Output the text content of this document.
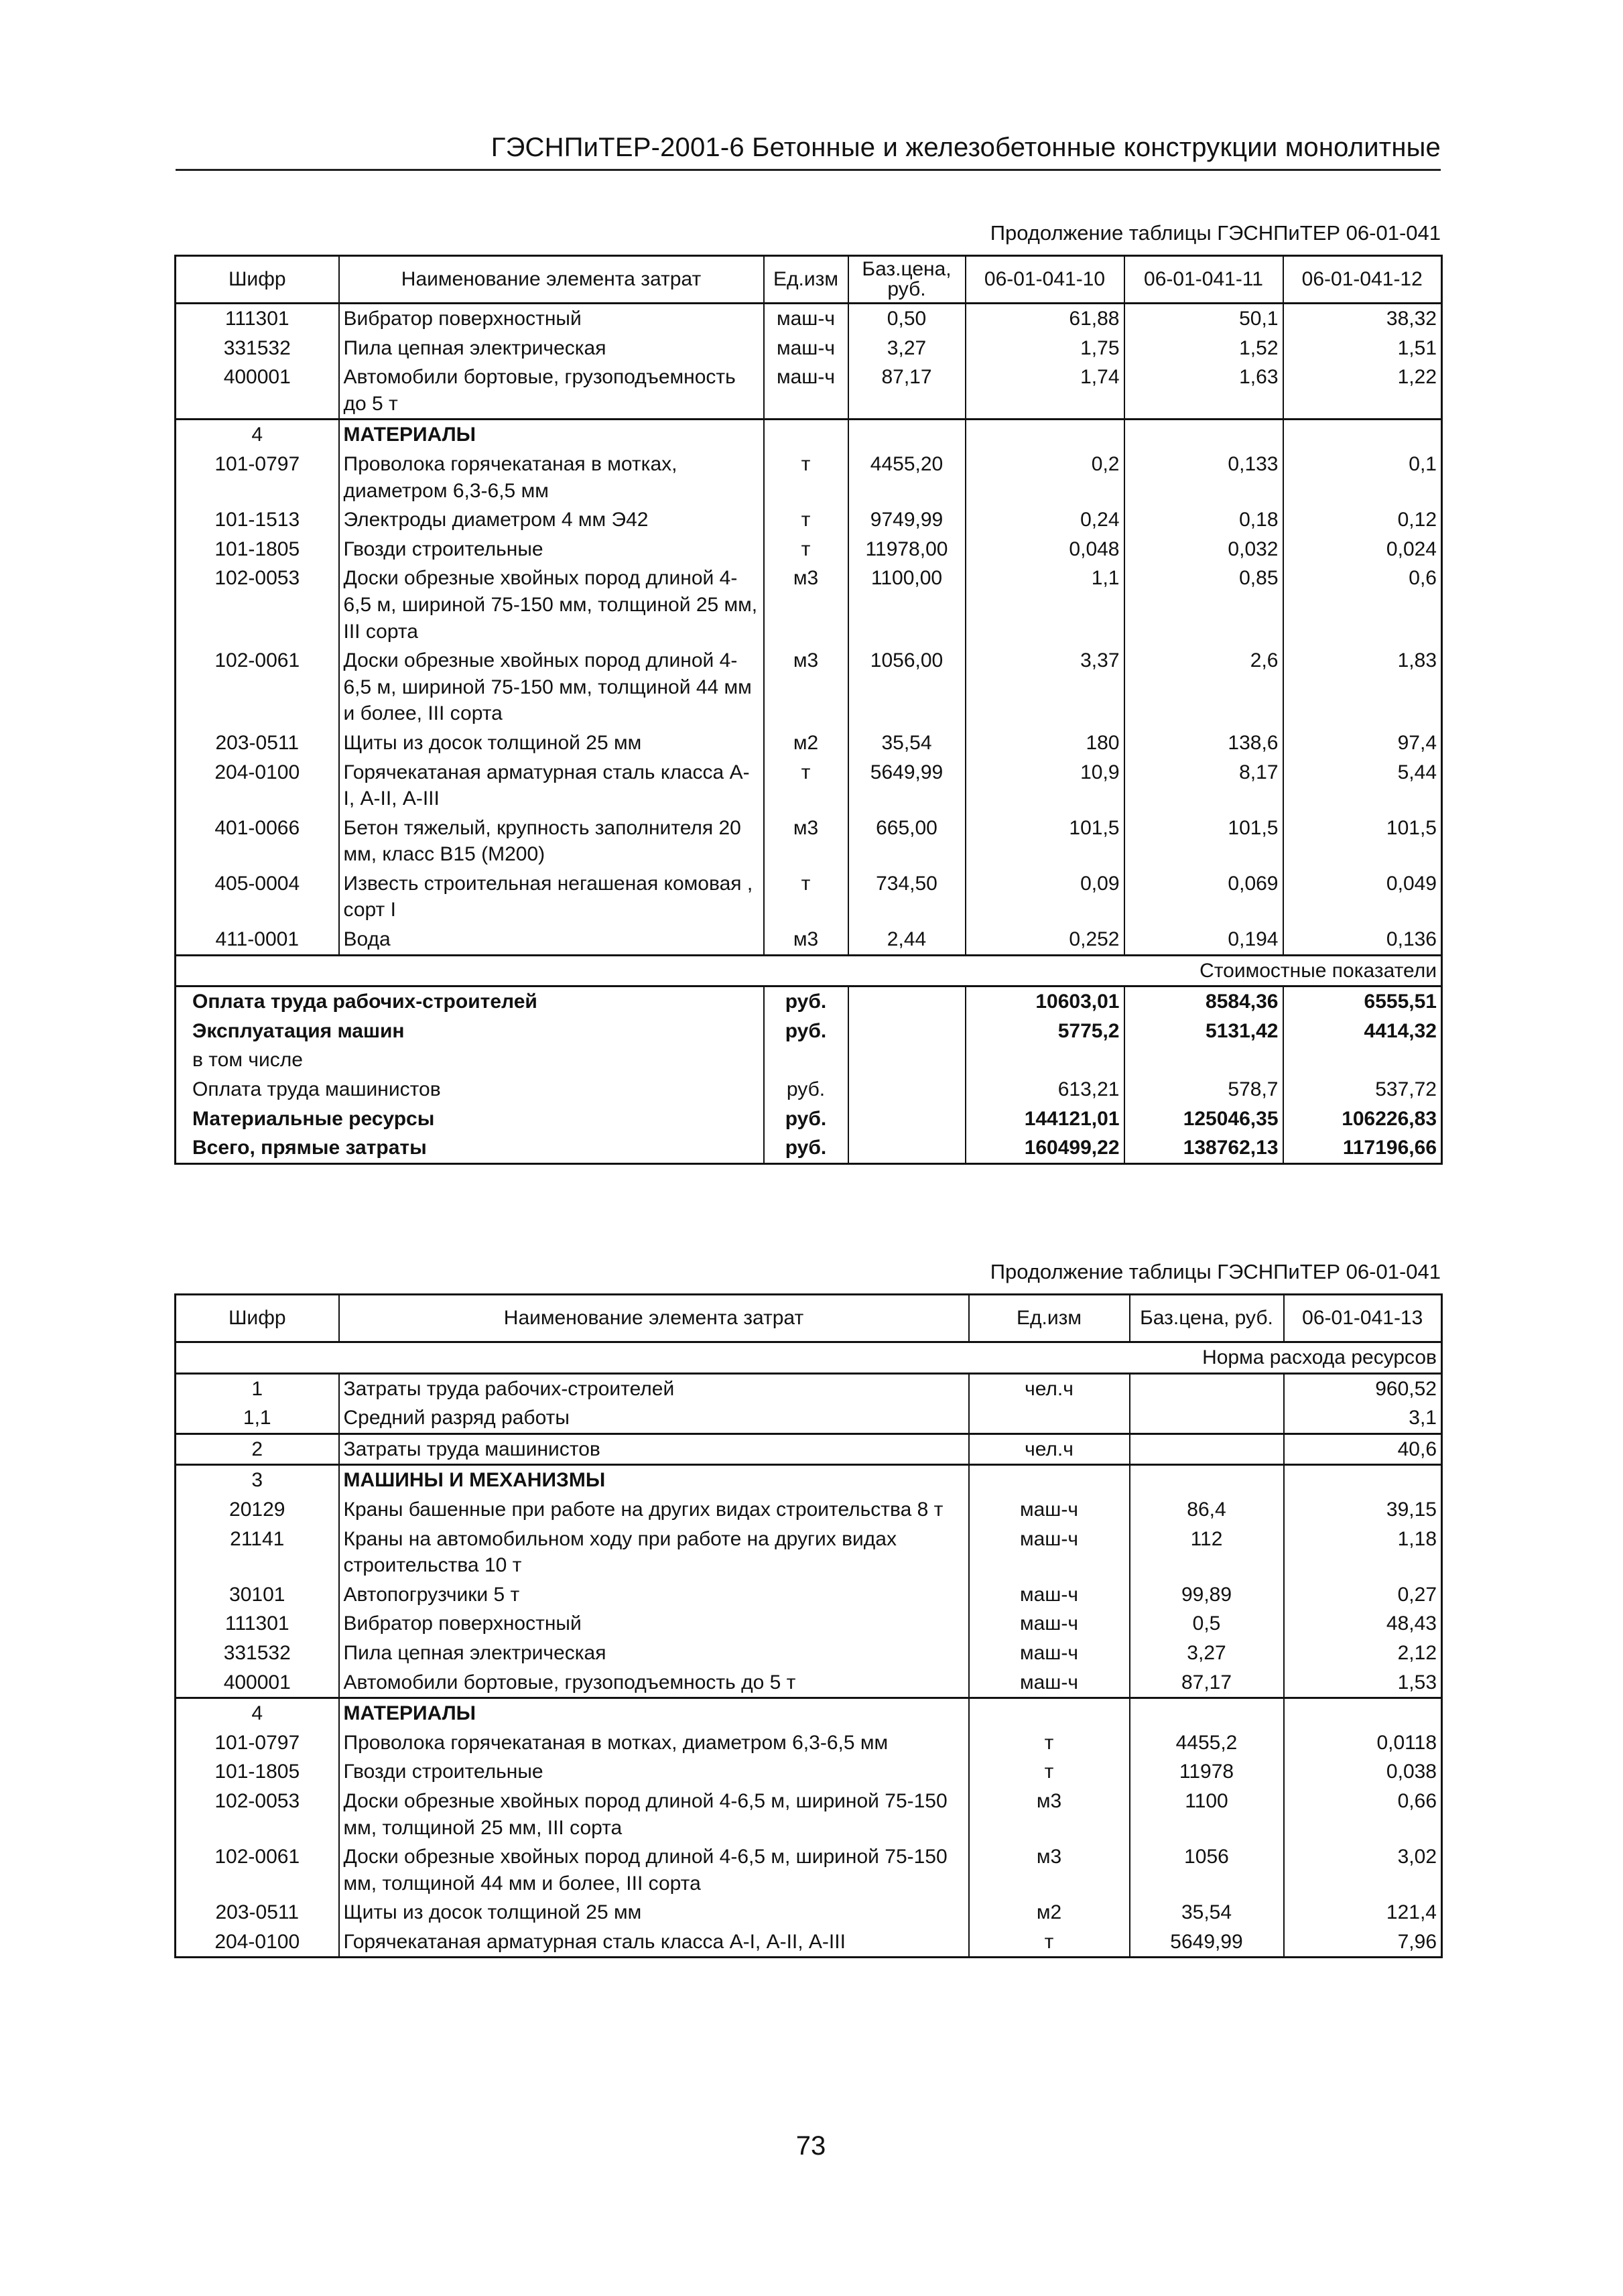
ГЭСНПиТЕР-2001-6 Бетонные и железобетонные конструкции монолитные
Продолжение таблицы ГЭСНПиТЕР 06-01-041
Шифр	Наименование элемента затрат	Ед.изм	Баз.цена, руб.	06-01-041-10	06-01-041-11	06-01-041-12
111301	Вибратор поверхностный	маш-ч	0,50	61,88	50,1	38,32
331532	Пила цепная электрическая	маш-ч	3,27	1,75	1,52	1,51
400001	Автомобили бортовые, грузоподъемность до 5 т	маш-ч	87,17	1,74	1,63	1,22
4	МАТЕРИАЛЫ					
101-0797	Проволока горячекатаная в мотках, диаметром 6,3-6,5 мм	т	4455,20	0,2	0,133	0,1
101-1513	Электроды диаметром 4 мм Э42	т	9749,99	0,24	0,18	0,12
101-1805	Гвозди строительные	т	11978,00	0,048	0,032	0,024
102-0053	Доски обрезные хвойных пород длиной 4-6,5 м, шириной 75-150 мм, толщиной 25 мм, III сорта	м3	1100,00	1,1	0,85	0,6
102-0061	Доски обрезные хвойных пород длиной 4-6,5 м, шириной 75-150 мм, толщиной 44 мм и более, III сорта	м3	1056,00	3,37	2,6	1,83
203-0511	Щиты из досок толщиной 25 мм	м2	35,54	180	138,6	97,4
204-0100	Горячекатаная арматурная сталь класса А-I, А-II, А-III	т	5649,99	10,9	8,17	5,44
401-0066	Бетон тяжелый, крупность заполнителя 20 мм, класс В15 (М200)	м3	665,00	101,5	101,5	101,5
405-0004	Известь строительная негашеная комовая , сорт I	т	734,50	0,09	0,069	0,049
411-0001	Вода	м3	2,44	0,252	0,194	0,136
Стоимостные показатели						
Оплата труда рабочих-строителей		руб.		10603,01	8584,36	6555,51
Эксплуатация машин		руб.		5775,2	5131,42	4414,32
в том числе						
Оплата труда машинистов		руб.		613,21	578,7	537,72
Материальные ресурсы		руб.		144121,01	125046,35	106226,83
Всего, прямые затраты		руб.		160499,22	138762,13	117196,66
Продолжение таблицы ГЭСНПиТЕР 06-01-041
Шифр	Наименование элемента затрат	Ед.изм	Баз.цена, руб.	06-01-041-13
Норма расхода ресурсов				
1	Затраты труда рабочих-строителей	чел.ч		960,52
1,1	Средний разряд работы			3,1
2	Затраты труда машинистов	чел.ч		40,6
3	МАШИНЫ И МЕХАНИЗМЫ			
20129	Краны башенные при работе на других видах строительства 8 т	маш-ч	86,4	39,15
21141	Краны на автомобильном ходу при работе на других видах строительства 10 т	маш-ч	112	1,18
30101	Автопогрузчики 5 т	маш-ч	99,89	0,27
111301	Вибратор поверхностный	маш-ч	0,5	48,43
331532	Пила цепная электрическая	маш-ч	3,27	2,12
400001	Автомобили бортовые, грузоподъемность до 5 т	маш-ч	87,17	1,53
4	МАТЕРИАЛЫ			
101-0797	Проволока горячекатаная в мотках, диаметром 6,3-6,5 мм	т	4455,2	0,0118
101-1805	Гвозди строительные	т	11978	0,038
102-0053	Доски обрезные хвойных пород длиной 4-6,5 м, шириной 75-150 мм, толщиной 25 мм, III сорта	м3	1100	0,66
102-0061	Доски обрезные хвойных пород длиной 4-6,5 м, шириной 75-150 мм, толщиной 44 мм и более, III сорта	м3	1056	3,02
203-0511	Щиты из досок толщиной 25 мм	м2	35,54	121,4
204-0100	Горячекатаная арматурная сталь класса А-I, А-II, А-III	т	5649,99	7,96
73
